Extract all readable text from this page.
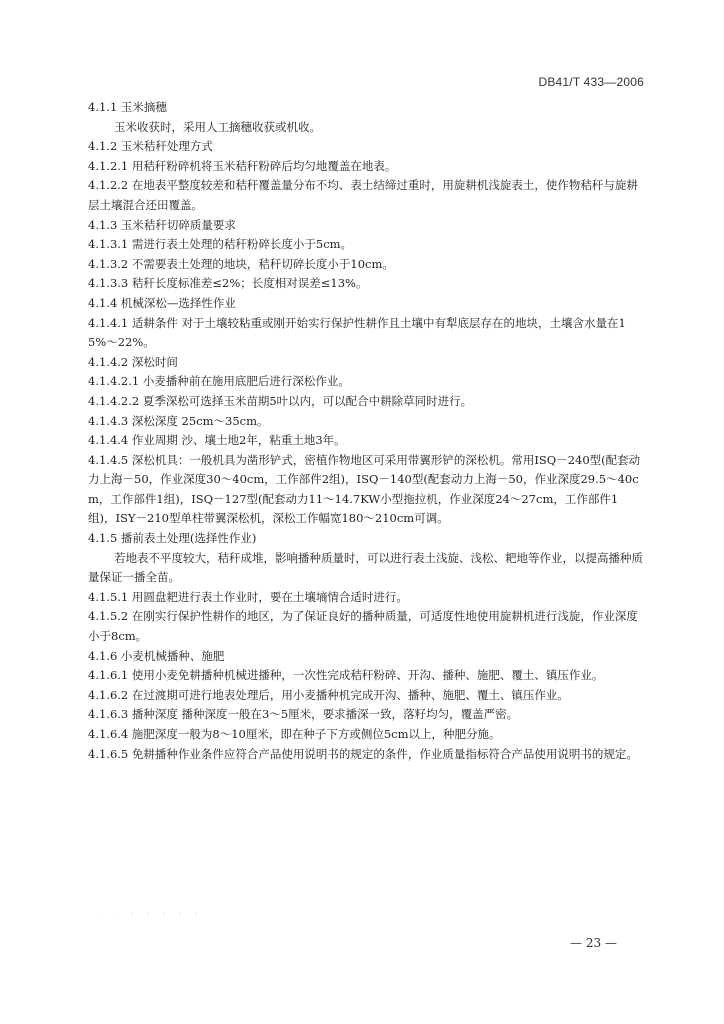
DB41/T 433—2006

4.1.1 玉米摘穗

玉米收获时，采用人工摘穗收获或机收。

4.1.2 玉米秸秆处理方式

4.1.2.1 用秸秆粉碎机将玉米秸秆粉碎后均匀地覆盖在地表。

4.1.2.2 在地表平整度较差和秸秆覆盖量分布不均、表土结缔过重时，用旋耕机浅旋表土，使作物秸秆与旋耕层土壤混合还田覆盖。

4.1.3 玉米秸秆切碎质量要求

4.1.3.1 需进行表土处理的秸秆粉碎长度小于5cm。

4.1.3.2 不需要表土处理的地块，秸秆切碎长度小于10cm。

4.1.3.3 秸秆长度标准差≤2%；长度相对误差≤13%。

4.1.4 机械深松—选择性作业

4.1.4.1 适耕条件 对于土壤较粘重或刚开始实行保护性耕作且土壤中有犁底层存在的地块，土壤含水量在15%～22%。

4.1.4.2 深松时间

4.1.4.2.1 小麦播种前在施用底肥后进行深松作业。

4.1.4.2.2 夏季深松可选择玉米苗期5叶以内，可以配合中耕除草同时进行。

4.1.4.3 深松深度 25cm～35cm。

4.1.4.4 作业周期 沙、壤土地2年，粘重土地3年。

4.1.4.5 深松机具：一般机具为凿形铲式，密植作物地区可采用带翼形铲的深松机。常用ISQ－240型(配套动力上海－50，作业深度30～40cm，工作部件2组)，ISQ－140型(配套动力上海－50，作业深度29.5～40cm，工作部件1组)，ISQ－127型(配套动力11～14.7KW小型拖拉机，作业深度24～27cm，工作部件1组)，ISY－210型单柱带翼深松机，深松工作幅宽180～210cm可调。

4.1.5 播前表土处理(选择性作业)

若地表不平度较大，秸秆成堆，影响播种质量时，可以进行表土浅旋、浅松、耙地等作业，以提高播种质量保证一播全苗。

4.1.5.1 用圆盘耙进行表土作业时，要在土壤墒情合适时进行。

4.1.5.2 在刚实行保护性耕作的地区，为了保证良好的播种质量，可适度性地使用旋耕机进行浅旋，作业深度小于8cm。

4.1.6 小麦机械播种、施肥

4.1.6.1 使用小麦免耕播种机械进播种，一次性完成秸秆粉碎、开沟、播种、施肥、覆土、镇压作业。

4.1.6.2 在过渡期可进行地表处理后，用小麦播种机完成开沟、播种、施肥、覆土、镇压作业。

4.1.6.3 播种深度 播种深度一般在3～5厘米，要求播深一致，落籽均匀，覆盖严密。

4.1.6.4 施肥深度一般为8～10厘米，即在种子下方或侧位5cm以上，种肥分施。

4.1.6.5 免耕播种作业条件应符合产品使用说明书的规定的条件，作业质量指标符合产品使用说明书的规定。

· · · · · · ·
— 23 —
